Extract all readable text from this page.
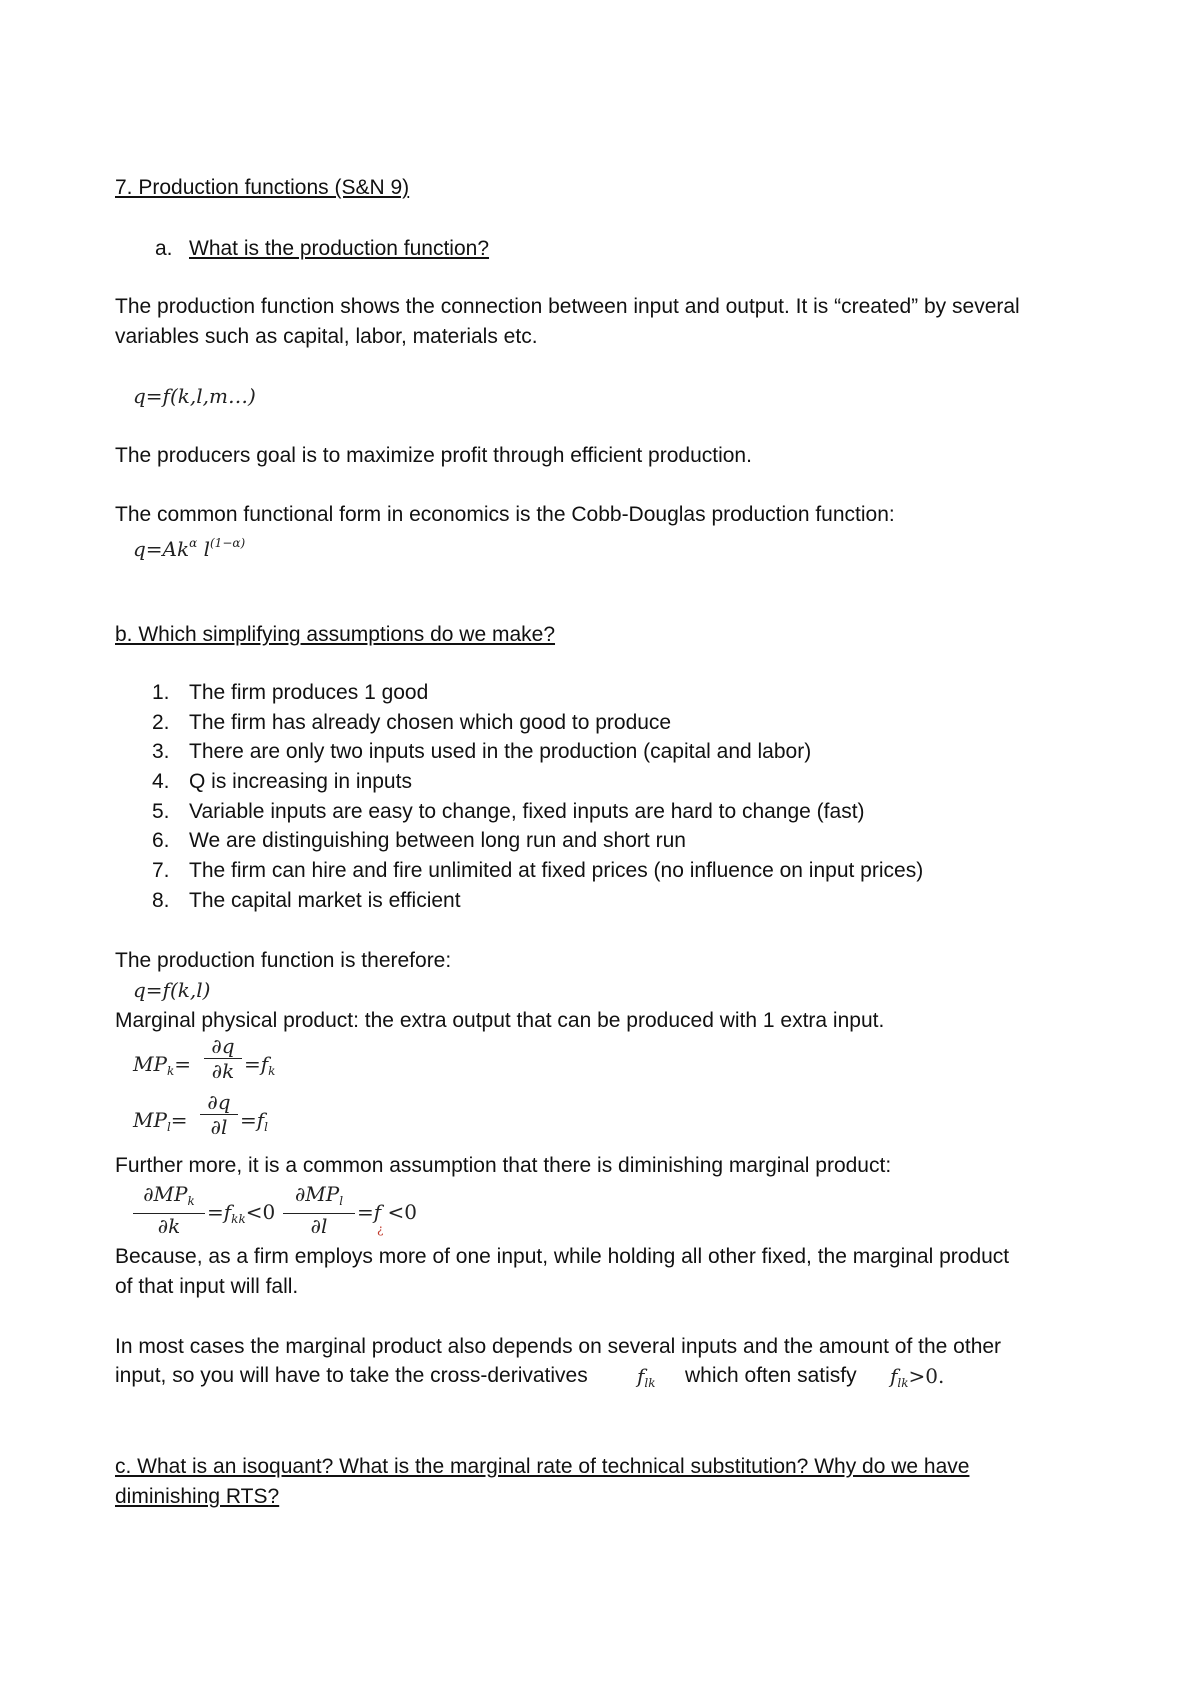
7. Production functions (S&N 9)
a. What is the production function?
The production function shows the connection between input and output. It is “created” by several
variables such as capital, labor, materials etc.
q=f(k,l,m…)
The producers goal is to maximize profit through efficient production.
The common functional form in economics is the Cobb-Douglas production function:
$q=Ak^\alpha$ $l^{(1-\alpha)}$
b. Which simplifying assumptions do we make?
1. The firm produces 1 good
2. The firm has already chosen which good to produce
3. There are only two inputs used in the production (capital and labor)
4. Q is increasing in inputs
5. Variable inputs are easy to change, fixed inputs are hard to change (fast)
6. We are distinguishing between long run and short run
7. The firm can hire and fire unlimited at fixed prices (no influence on input prices)
8. The capital market is efficient
The production function is therefore:
q=f(k,l)
Marginal physical product: the extra output that can be produced with 1 extra input.
$MP_k=$
∂q
$\partial k =f_k$
$MP_l=$
∂q
$\partial l =f_l$
Further more, it is a common assumption that there is diminishing marginal product:
$\partial MP_k$
∂k
$=f_{kk}<0$
$\partial MP_l$
∂l
=f <0
¿
Because, as a firm employs more of one input, while holding all other fixed, the marginal product
of that input will fall.
In most cases the marginal product also depends on several inputs and the amount of the other
input, so you will have to take the cross-derivatives $f_{lk}$ which often satisfy $f_{lk}>0$.
c. What is an isoquant? What is the marginal rate of technical substitution? Why do we have
diminishing RTS?
